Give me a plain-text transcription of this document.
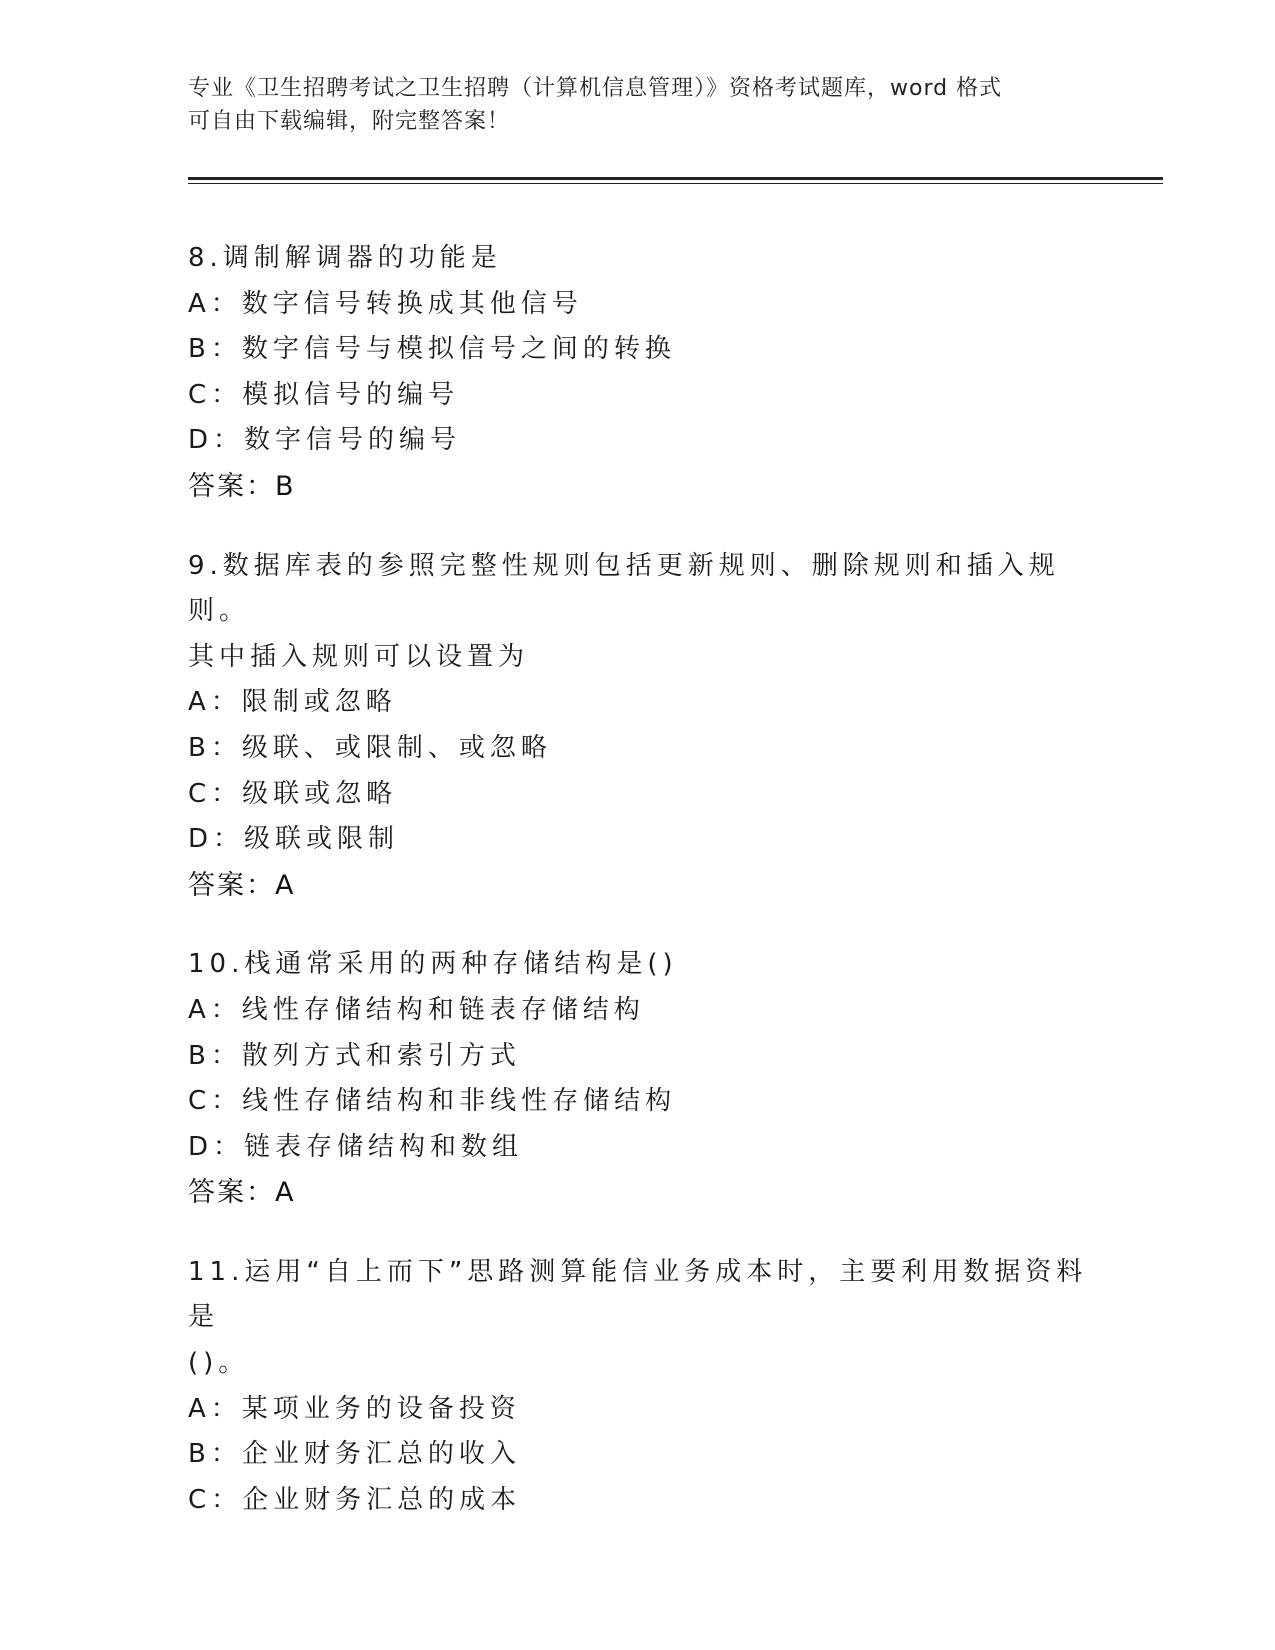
专业《卫生招聘考试之卫生招聘（计算机信息管理）》资格考试题库，word 格式
可自由下载编辑，附完整答案！
8.调制解调器的功能是
A：数字信号转换成其他信号
B：数字信号与模拟信号之间的转换
C：模拟信号的编号
D：数字信号的编号
答案：B
9.数据库表的参照完整性规则包括更新规则、删除规则和插入规则。
其中插入规则可以设置为
A：限制或忽略
B：级联、或限制、或忽略
C：级联或忽略
D：级联或限制
答案：A
10.栈通常采用的两种存储结构是()
A：线性存储结构和链表存储结构
B：散列方式和索引方式
C：线性存储结构和非线性存储结构
D：链表存储结构和数组
答案：A
11.运用“自上而下”思路测算能信业务成本时，主要利用数据资料是
()。
A：某项业务的设备投资
B：企业财务汇总的收入
C：企业财务汇总的成本
